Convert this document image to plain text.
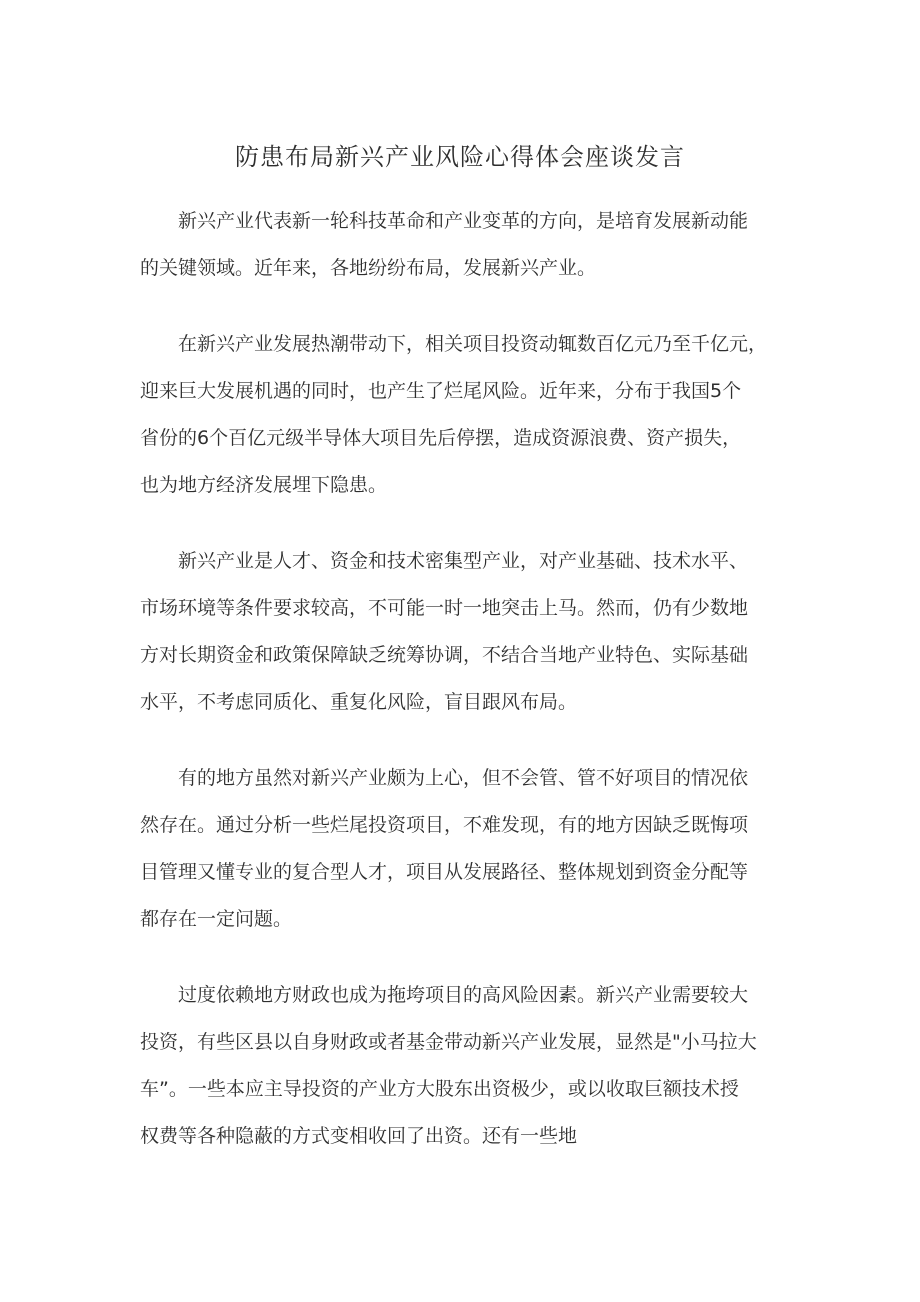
防患布局新兴产业风险心得体会座谈发言

新兴产业代表新一轮科技革命和产业变革的方向，是培育发展新动能
的关键领域。近年来，各地纷纷布局，发展新兴产业。

在新兴产业发展热潮带动下，相关项目投资动辄数百亿元乃至千亿元，
迎来巨大发展机遇的同时，也产生了烂尾风险。近年来，分布于我国5个
省份的6个百亿元级半导体大项目先后停摆，造成资源浪费、资产损失，
也为地方经济发展埋下隐患。

新兴产业是人才、资金和技术密集型产业，对产业基础、技术水平、
市场环境等条件要求较高，不可能一时一地突击上马。然而，仍有少数地
方对长期资金和政策保障缺乏统筹协调，不结合当地产业特色、实际基础
水平，不考虑同质化、重复化风险，盲目跟风布局。

有的地方虽然对新兴产业颇为上心，但不会管、管不好项目的情况依
然存在。通过分析一些烂尾投资项目，不难发现，有的地方因缺乏既悔项
目管理又懂专业的复合型人才，项目从发展路径、整体规划到资金分配等
都存在一定问题。

过度依赖地方财政也成为拖垮项目的高风险因素。新兴产业需要较大
投资，有些区县以自身财政或者基金带动新兴产业发展，显然是"小马拉大
车”。一些本应主导投资的产业方大股东出资极少，或以收取巨额技术授
权费等各种隐蔽的方式变相收回了出资。还有一些地
